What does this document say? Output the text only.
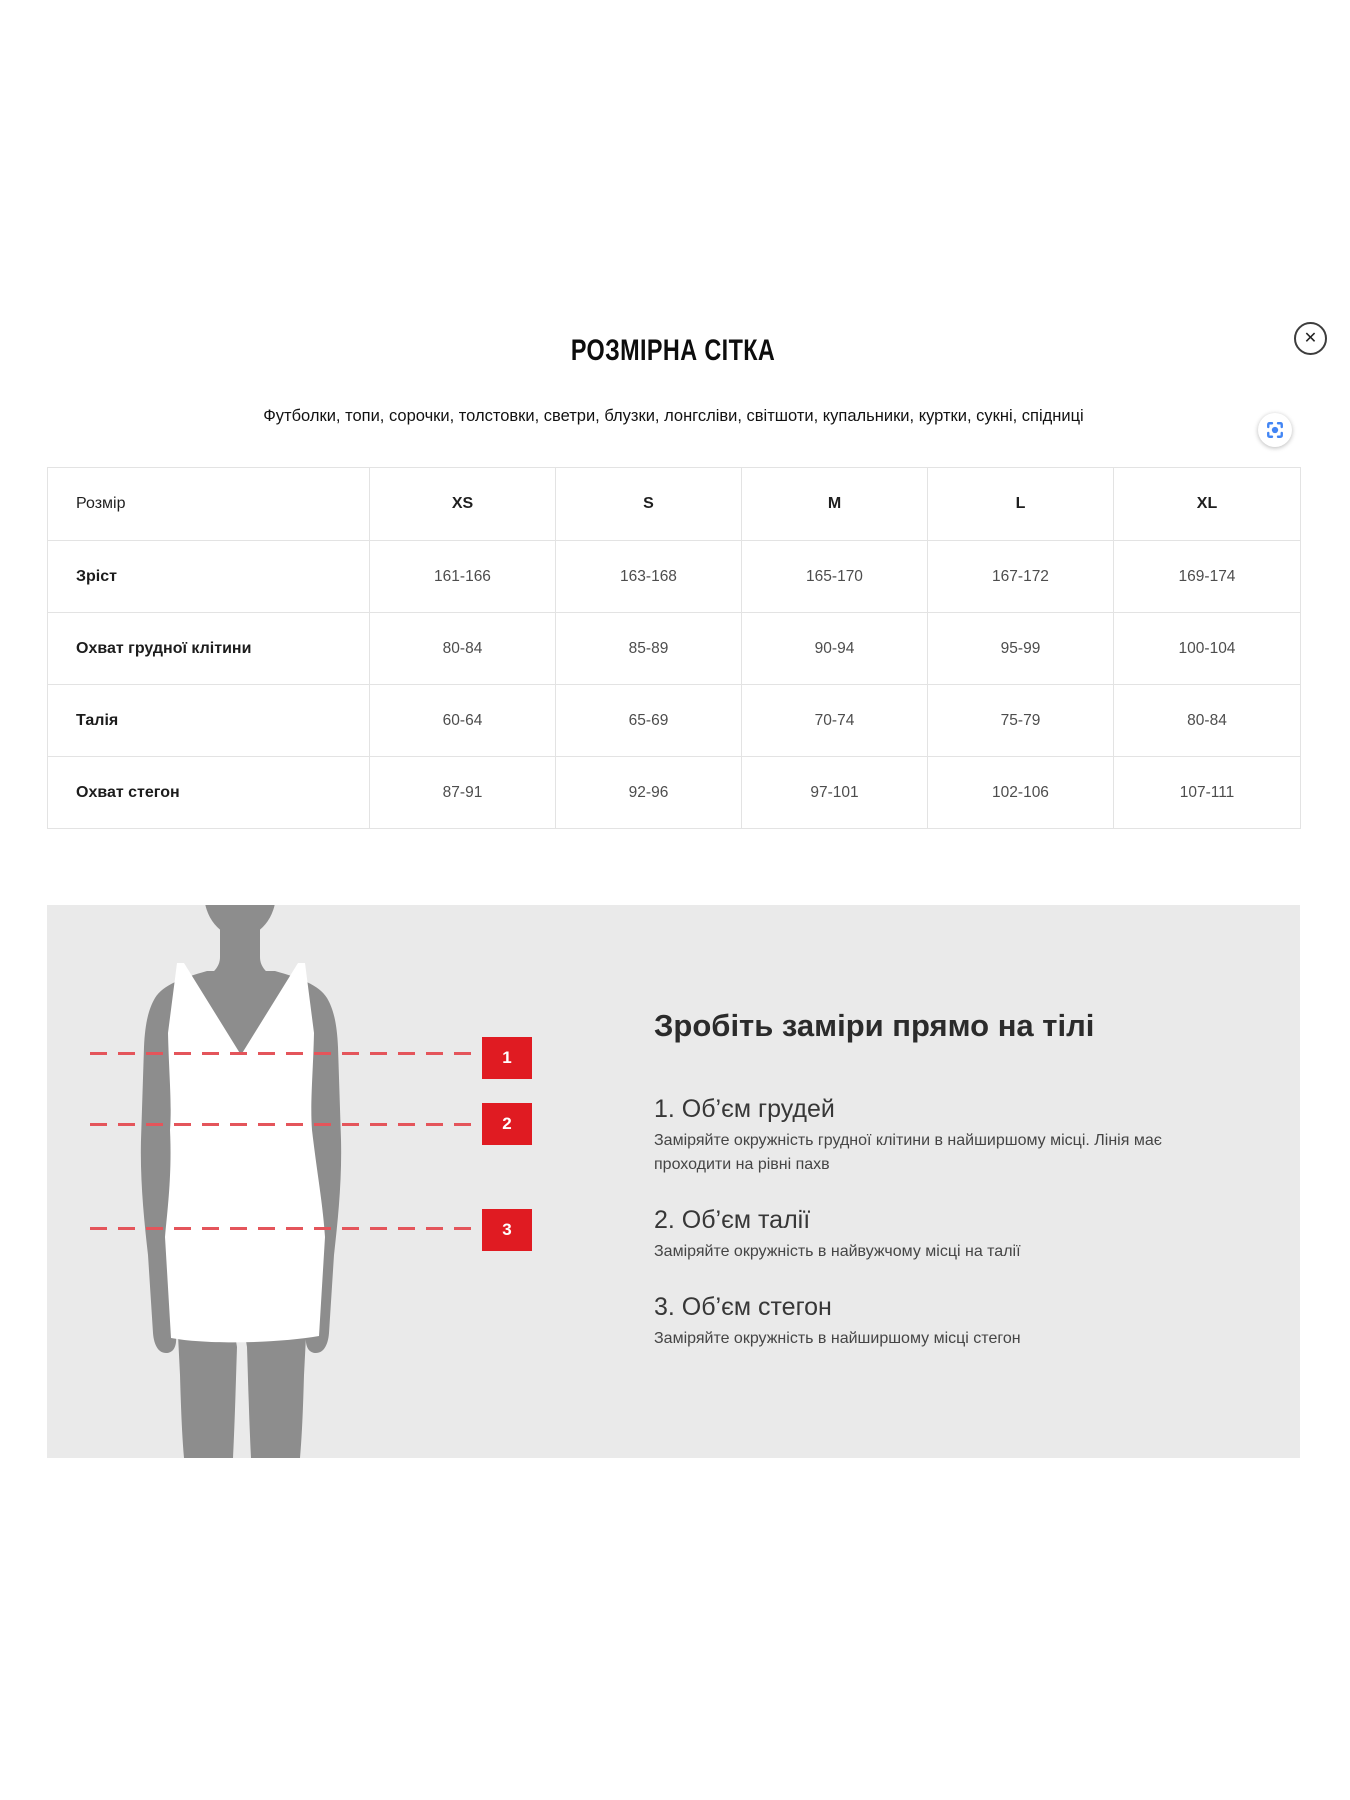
✕
РОЗМІРНА СІТКА
Футболки, топи, сорочки, толстовки, светри, блузки, лонгсліви, світшоти, купальники, куртки, сукні, спідниці
Розмір	XS	S	M	L	XL
Зріст	161-166	163-168	165-170	167-172	169-174
Охват грудної клітини	80-84	85-89	90-94	95-99	100-104
Талія	60-64	65-69	70-74	75-79	80-84
Охват стегон	87-91	92-96	97-101	102-106	107-111
1
2
3
Зробіть заміри прямо на тілі
1. Об’єм грудей
Заміряйте окружність грудної клітини в найширшому місці. Лінія має проходити на рівні пахв
2. Об’єм талії
Заміряйте окружність в найвужчому місці на талії
3. Об’єм стегон
Заміряйте окружність в найширшому місці стегон
